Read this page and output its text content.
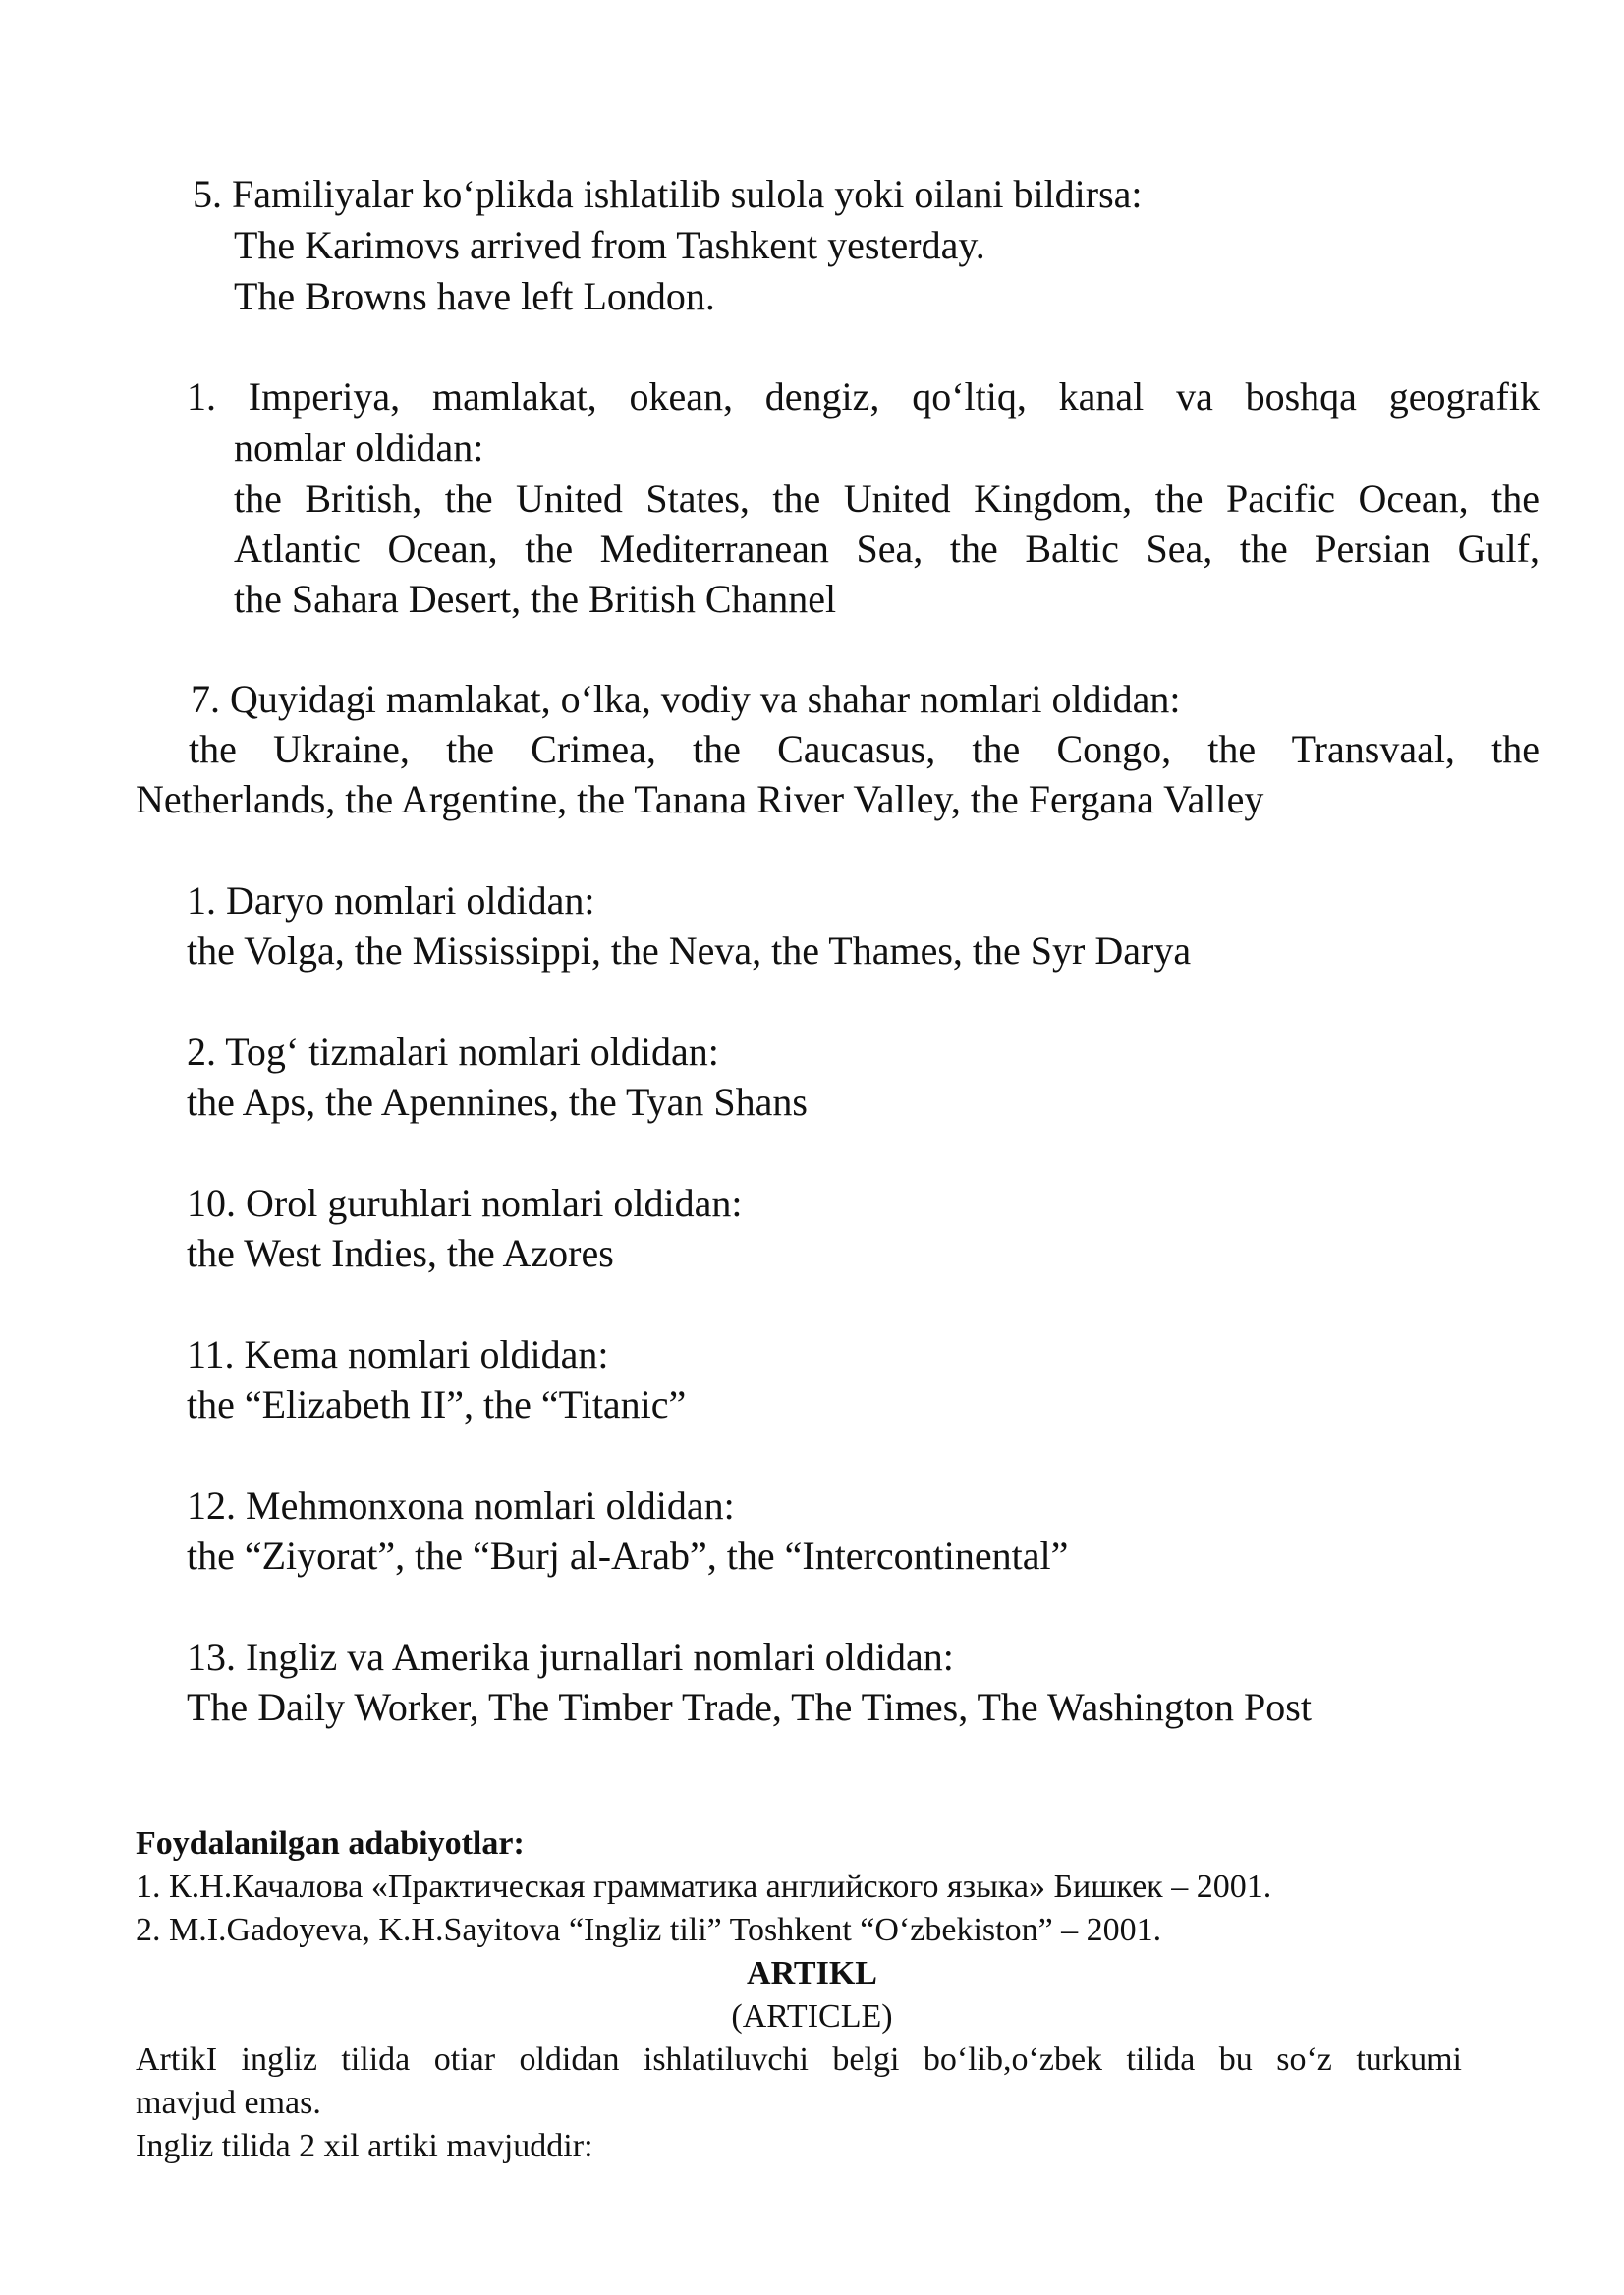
5. Familiyalar ko‘plikda ishlatilib sulola yoki oilani bildirsa:

The Karimovs arrived from Tashkent yesterday.

The Browns have left London.

1. Imperiya, mamlakat, okean, dengiz, qo‘ltiq, kanal va boshqa geografik

nomlar oldidan:

the British, the United States, the United Kingdom, the Pacific Ocean, the

Atlantic Ocean, the Mediterranean Sea, the Baltic Sea, the Persian Gulf,

the Sahara Desert, the British Channel

7. Quyidagi mamlakat, o‘lka, vodiy va shahar nomlari oldidan:

the Ukraine, the Crimea, the Caucasus, the Congo, the Transvaal, the

Netherlands, the Argentine, the Tanana River Valley, the Fergana Valley

1. Daryo nomlari oldidan:

the Volga, the Mississippi, the Neva, the Thames, the Syr Darya

2. Tog‘ tizmalari nomlari oldidan:

the Aps, the Apennines, the Tyan Shans

10. Orol guruhlari nomlari oldidan:

the West Indies, the Azores

11. Kema nomlari oldidan:

the “Elizabeth II”, the “Titanic”

12. Mehmonxona nomlari oldidan:

the “Ziyorat”, the “Burj al-Arab”, the “Intercontinental”

13. Ingliz va Amerika jurnallari nomlari oldidan:

The Daily Worker, The Timber Trade, The Times, The Washington Post

Foydalanilgan adabiyotlar:

1. К.Н.Качалова «Практическая грамматика английского языка» Бишкек – 2001.

2. M.I.Gadoyeva, K.H.Sayitova “Ingliz tili” Toshkent “O‘zbekiston” – 2001.

ARTIKL

(ARTICLE)

ArtikI ingliz tilida otiar oldidan ishlatiluvchi belgi bo‘lib,o‘zbek tilida bu so‘z turkumi

mavjud emas.

Ingliz tilida 2 xil artiki mavjuddir:
